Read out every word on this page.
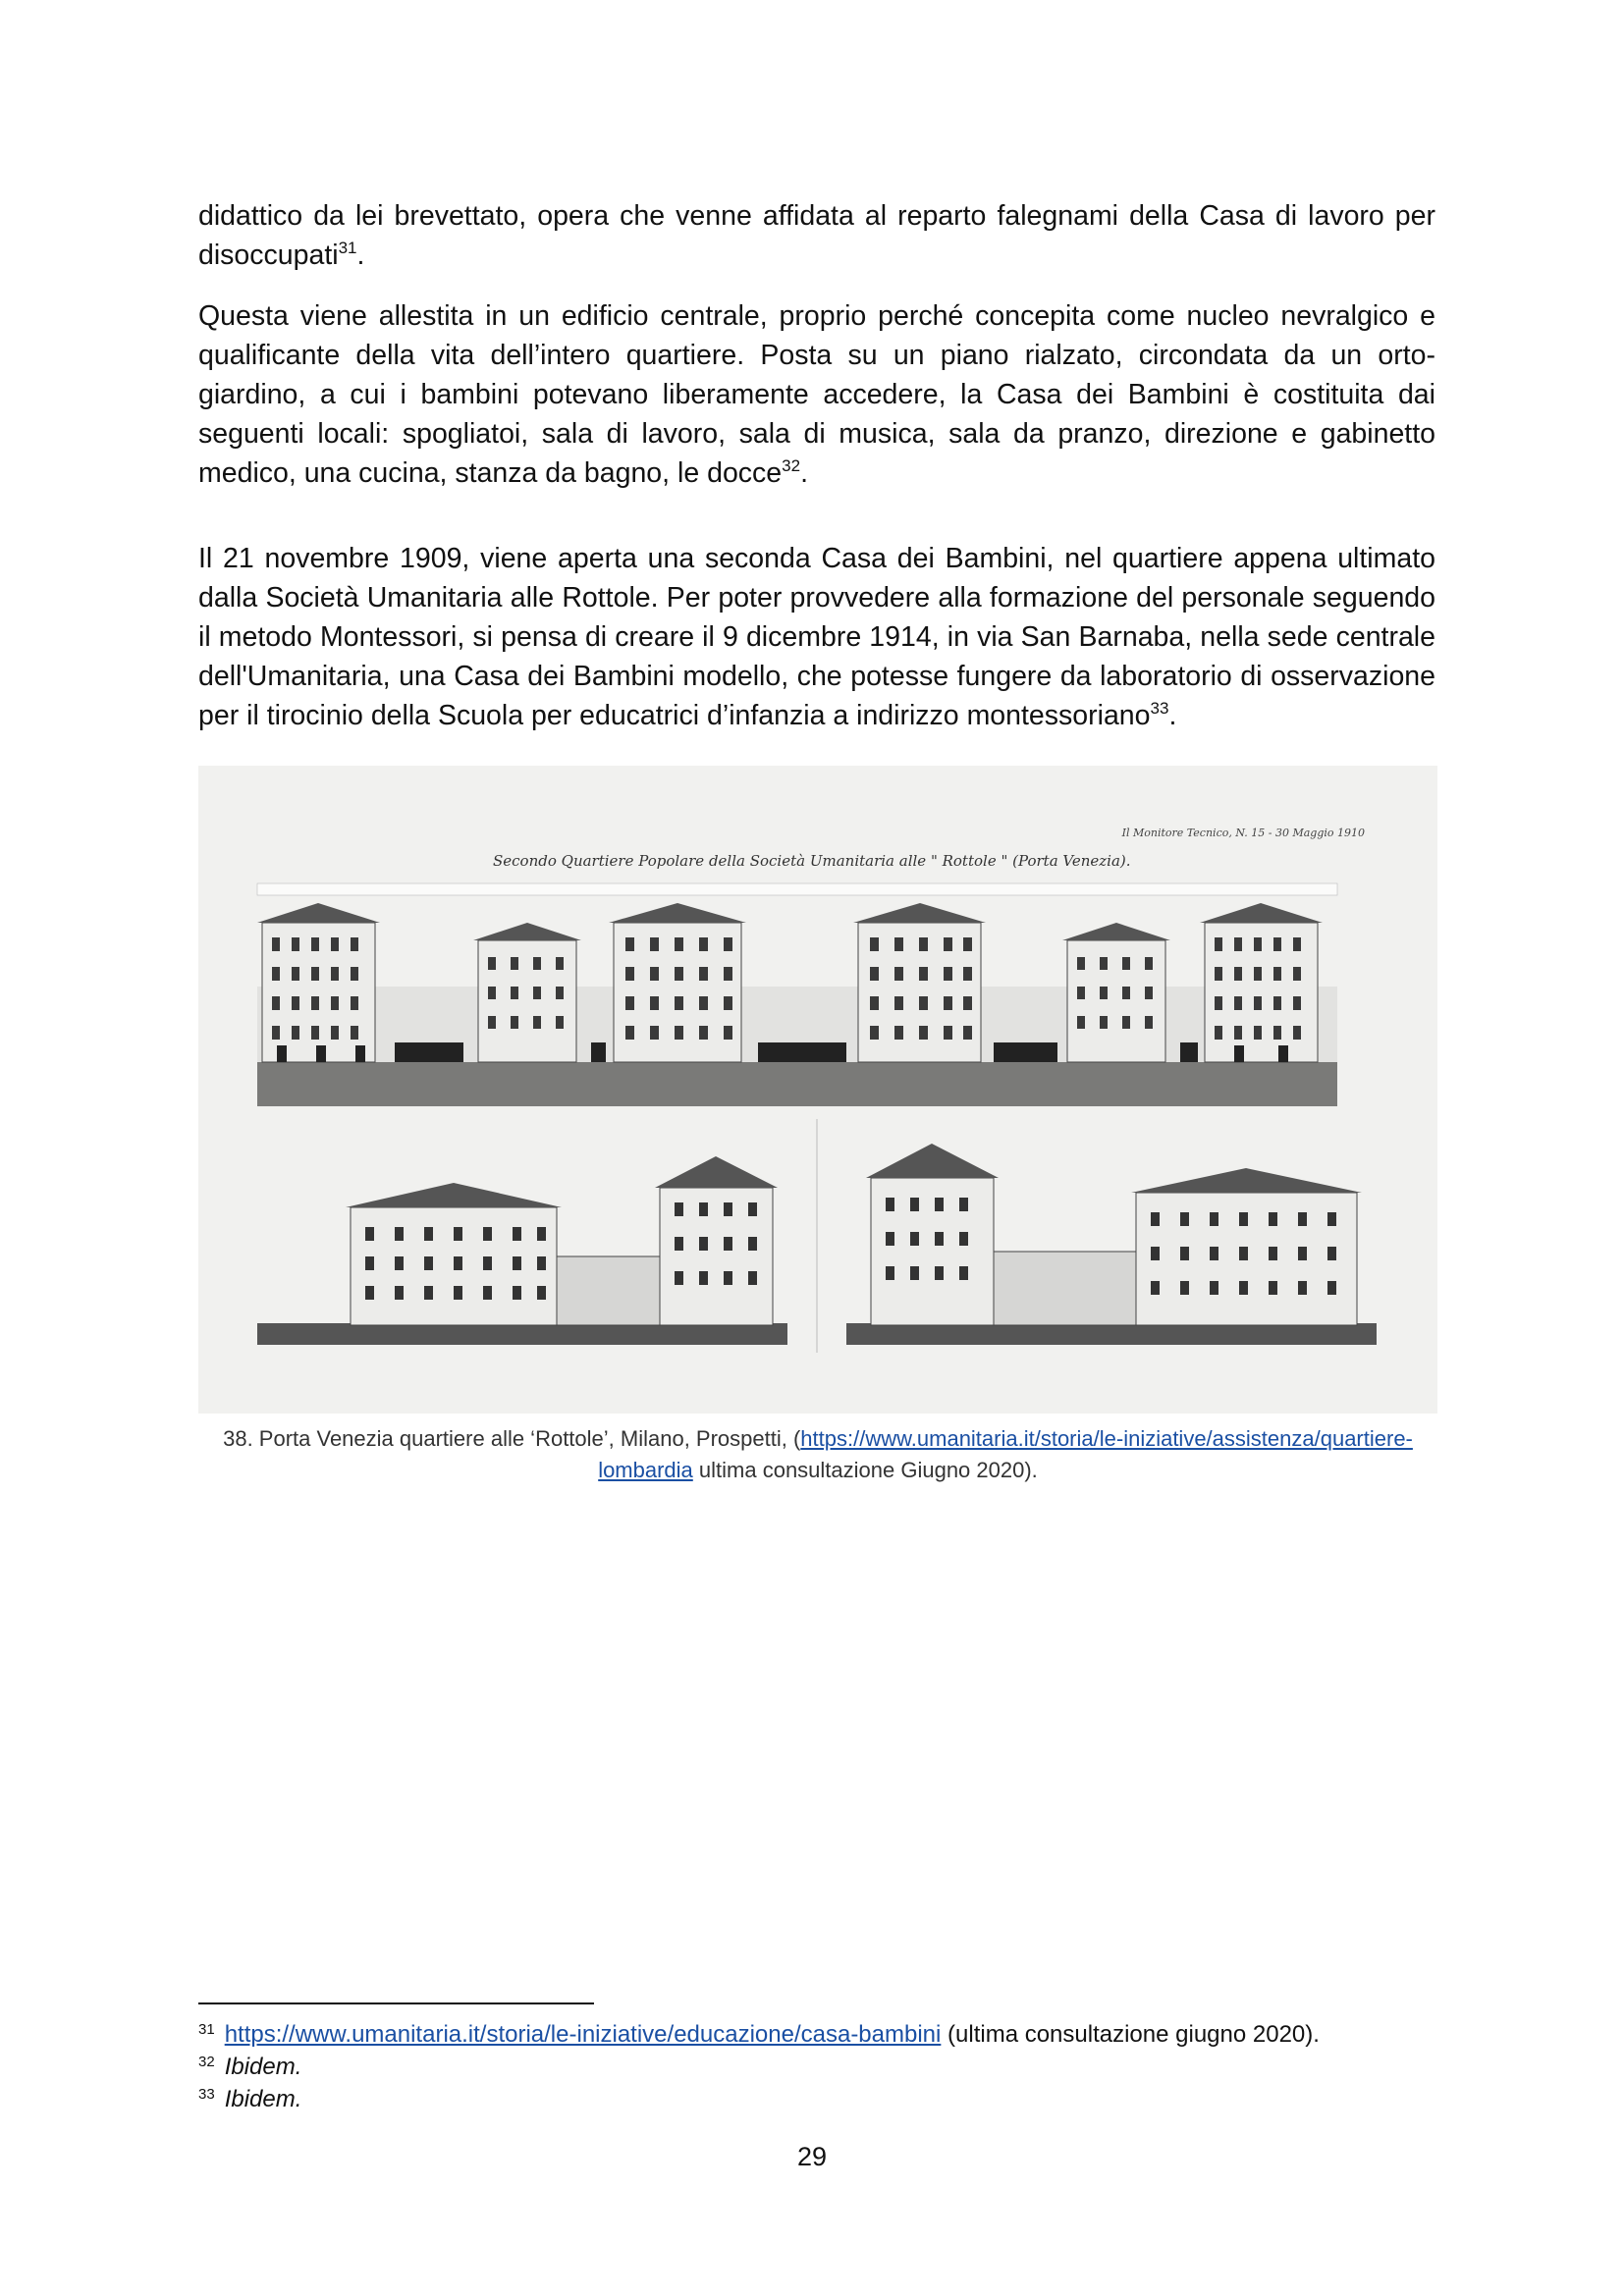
didattico da lei brevettato, opera che venne affidata al reparto falegnami della Casa di lavoro per disoccupati$^{31}$.

Questa viene allestita in un edificio centrale, proprio perché concepita come nucleo nevralgico e qualificante della vita dell’intero quartiere. Posta su un piano rialzato, circondata da un orto-giardino, a cui i bambini potevano liberamente accedere, la Casa dei Bambini è costituita dai seguenti locali: spogliatoi, sala di lavoro, sala di musica, sala da pranzo, direzione e gabinetto medico, una cucina, stanza da bagno, le docce$^{32}$.

Il 21 novembre 1909, viene aperta una seconda Casa dei Bambini, nel quartiere appena ultimato dalla Società Umanitaria alle Rottole. Per poter provvedere alla formazione del personale seguendo il metodo Montessori, si pensa di creare il 9 dicembre 1914, in via San Barnaba, nella sede centrale dell'Umanitaria, una Casa dei Bambini modello, che potesse fungere da laboratorio di osservazione per il tirocinio della Scuola per educatrici d’infanzia a indirizzo montessoriano$^{33}$.

Il Monitore Tecnico, N. 15 - 30 Maggio 1910
Secondo Quartiere Popolare della Società Umanitaria alle " Rottole " (Porta Venezia).

38. Porta Venezia quartiere alle ‘Rottole’, Milano, Prospetti, (https://www.umanitaria.it/storia/le-iniziative/assistenza/quartiere-lombardia ultima consultazione Giugno 2020).

$^{31}$ https://www.umanitaria.it/storia/le-iniziative/educazione/casa-bambini (ultima consultazione giugno 2020).

$^{32}$ Ibidem.

$^{33}$ Ibidem.

29
